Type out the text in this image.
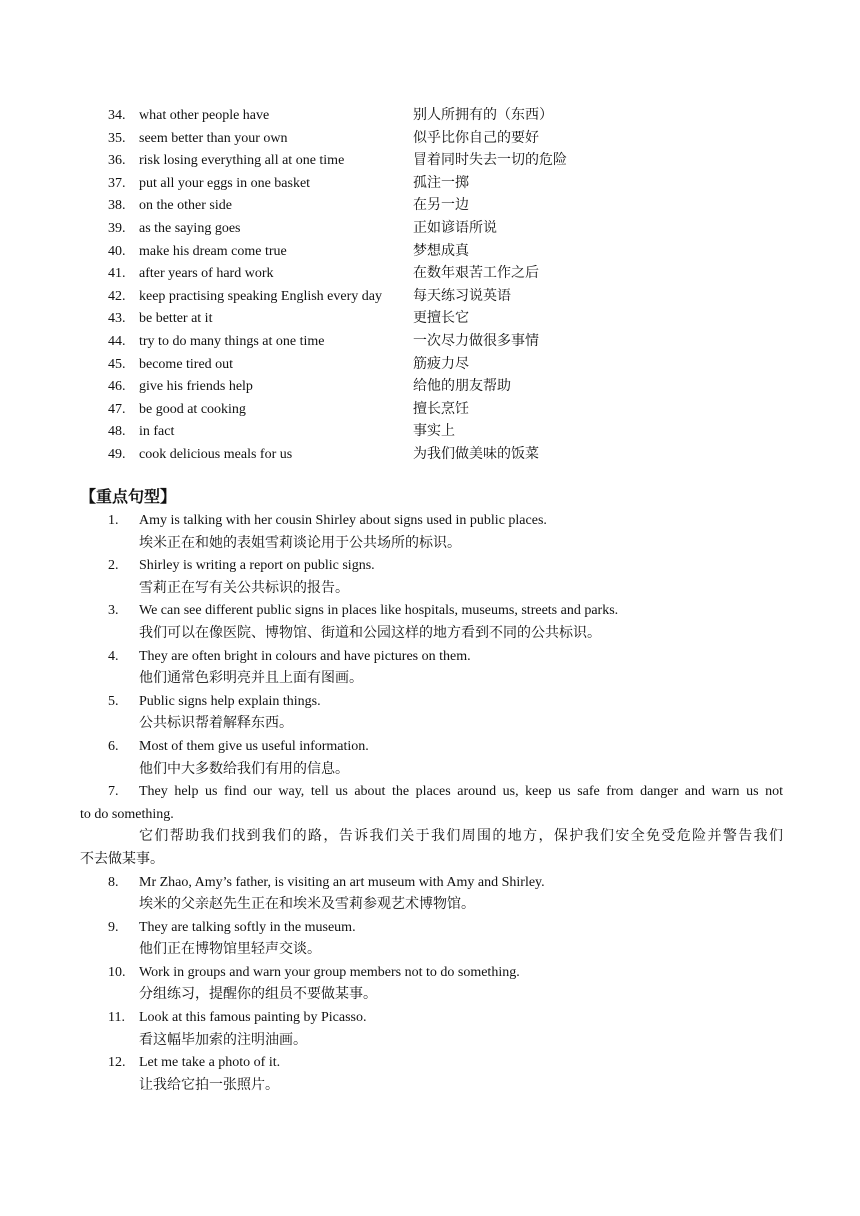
34. what other people have	别人所拥有的（东西）
35. seem better than your own	似乎比你自己的要好
36. risk losing everything all at one time	冒着同时失去一切的危险
37. put all your eggs in one basket	孤注一掷
38. on the other side	在另一边
39. as the saying goes	正如谚语所说
40. make his dream come true	梦想成真
41. after years of hard work	在数年艰苦工作之后
42. keep practising speaking English every day 每天练习说英语
43. be better at it	更擅长它
44. try to do many things at one time	一次尽力做很多事情
45. become tired out	筋疲力尽
46. give his friends help	给他的朋友帮助
47. be good at cooking	擅长烹饪
48. in fact	事实上
49. cook delicious meals for us	为我们做美味的饭菜
【重点句型】
1. Amy is talking with her cousin Shirley about signs used in public places.
埃米正在和她的表姐雪莉谈论用于公共场所的标识。
2. Shirley is writing a report on public signs.
雪莉正在写有关公共标识的报告。
3. We can see different public signs in places like hospitals, museums, streets and parks.
我们可以在像医院、博物馆、街道和公园这样的地方看到不同的公共标识。
4. They are often bright in colours and have pictures on them.
他们通常色彩明亮并且上面有图画。
5. Public signs help explain things.
公共标识帮着解释东西。
6. Most of them give us useful information.
他们中大多数给我们有用的信息。
7. They help us find our way, tell us about the places around us, keep us safe from danger and warn us not
to do something.
它们帮助我们找到我们的路，告诉我们关于我们周围的地方，保护我们安全免受危险并警告我们
不去做某事。
8. Mr Zhao, Amy’s father, is visiting an art museum with Amy and Shirley.
埃米的父亲赵先生正在和埃米及雪莉参观艺术博物馆。
9. They are talking softly in the museum.
他们正在博物馆里轻声交谈。
10. Work in groups and warn your group members not to do something.
分组练习，提醒你的组员不要做某事。
11. Look at this famous painting by Picasso.
看这幅毕加索的注明油画。
12. Let me take a photo of it.
让我给它拍一张照片。
